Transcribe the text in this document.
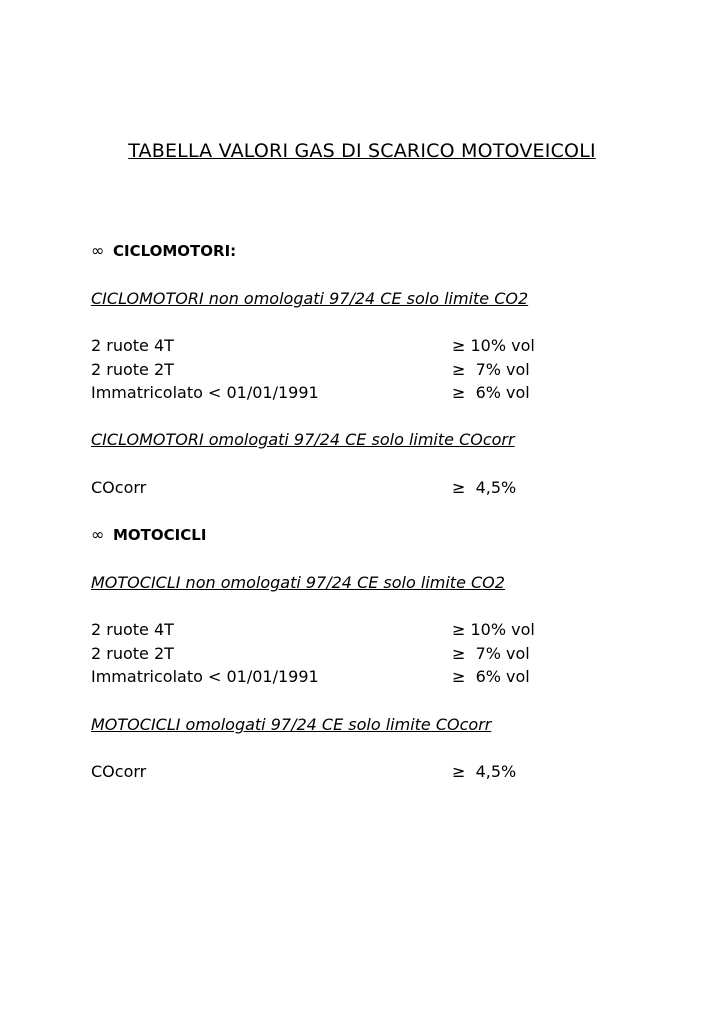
TABELLA VALORI GAS DI SCARICO MOTOVEICOLI
∞ CICLOMOTORI:
CICLOMOTORI non omologati 97/24 CE solo limite CO2
2 ruote 4T	≥ 10% vol
2 ruote 2T	≥  7% vol
Immatricolato < 01/01/1991	≥  6% vol
CICLOMOTORI omologati 97/24 CE solo limite COcorr
COcorr	≥  4,5%
∞ MOTOCICLI
MOTOCICLI non omologati 97/24 CE solo limite CO2
2 ruote 4T	≥ 10% vol
2 ruote 2T	≥  7% vol
Immatricolato < 01/01/1991	≥  6% vol
MOTOCICLI omologati 97/24 CE solo limite COcorr
COcorr	≥  4,5%
